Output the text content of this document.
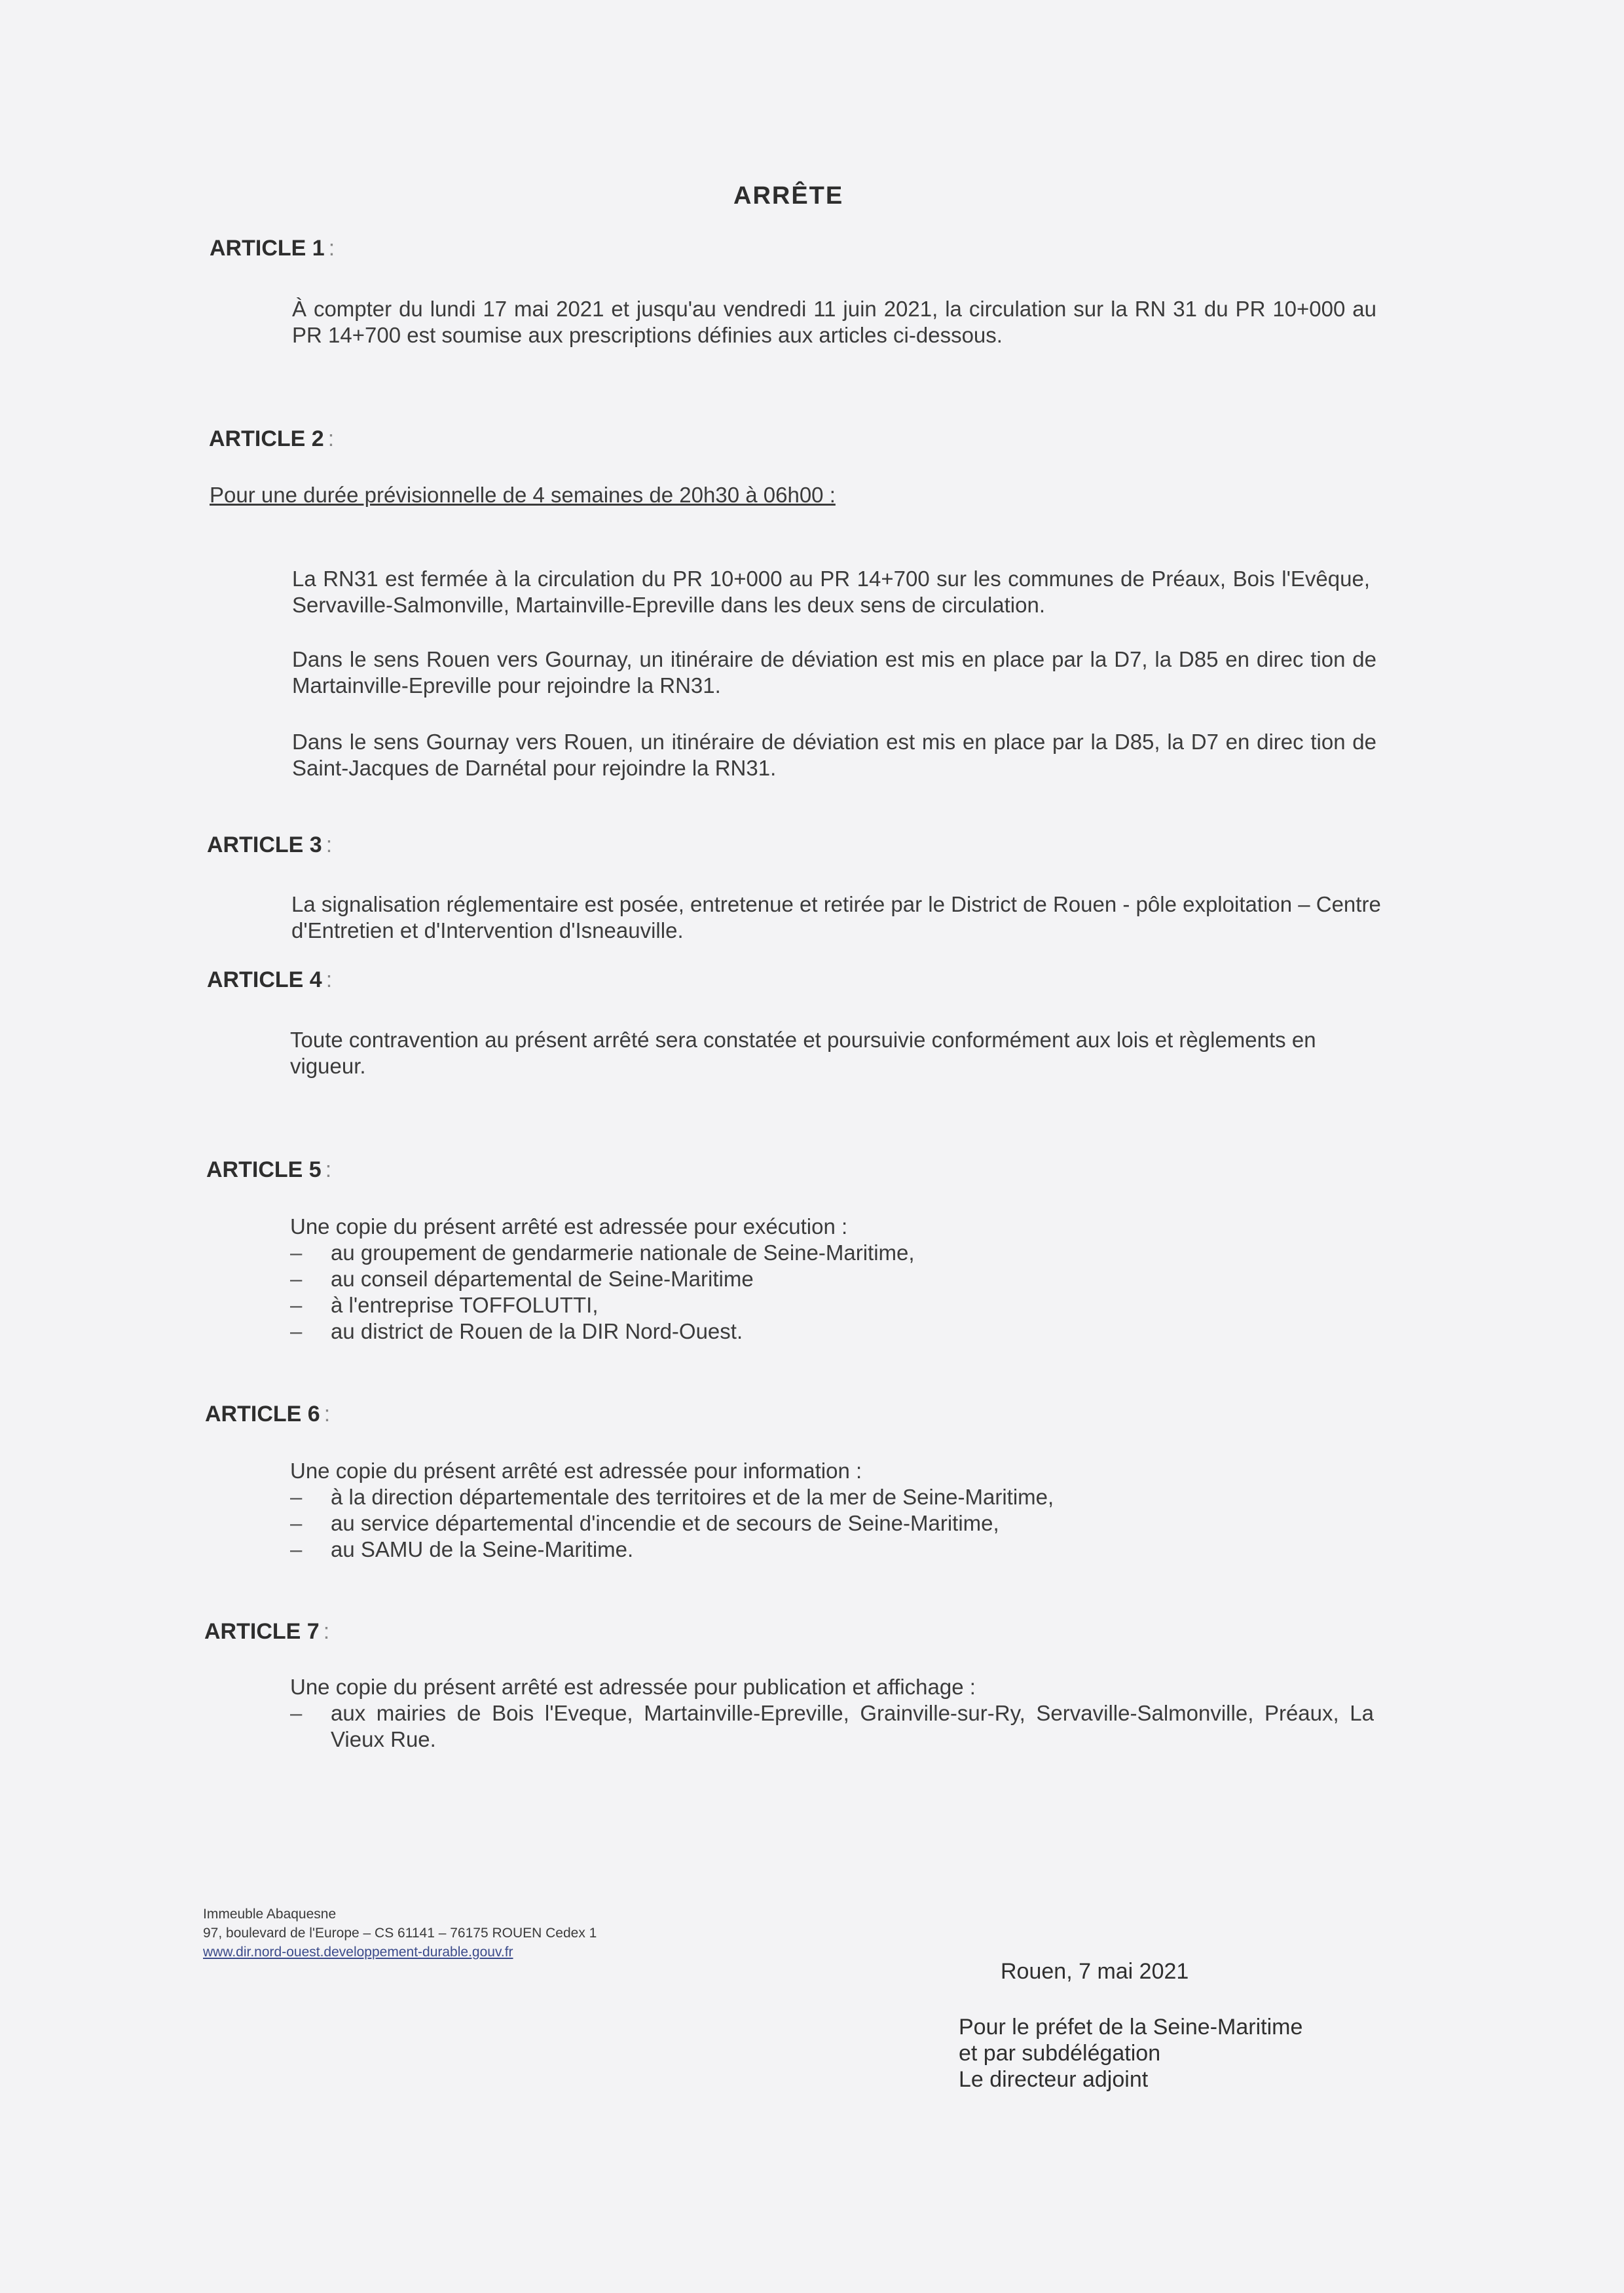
ARRÊTE
ARTICLE 1 :
À compter du lundi 17 mai 2021 et jusqu'au vendredi 11 juin 2021, la circulation sur la RN 31 du PR 10+000 au PR 14+700 est soumise aux prescriptions définies aux articles ci-dessous.
ARTICLE 2 :
Pour une durée prévisionnelle de 4 semaines de 20h30 à 06h00 :
La RN31 est fermée à la circulation du PR 10+000 au PR 14+700 sur les communes de Préaux, Bois l'Evêque, Servaville-Salmonville, Martainville-Epreville dans les deux sens de circulation.
Dans le sens Rouen vers Gournay, un itinéraire de déviation est mis en place par la D7, la D85 en direc tion de Martainville-Epreville pour rejoindre la RN31.
Dans le sens Gournay vers Rouen, un itinéraire de déviation est mis en place par la D85, la D7 en direc tion de Saint-Jacques de Darnétal pour rejoindre la RN31.
ARTICLE 3 :
La signalisation réglementaire est posée, entretenue et retirée par le District de Rouen - pôle exploitation – Centre d'Entretien et d'Intervention d'Isneauville.
ARTICLE 4 :
Toute contravention au présent arrêté sera constatée et poursuivie conformément aux lois et règlements en vigueur.
ARTICLE 5 :
Une copie du présent arrêté est adressée pour exécution :
– au groupement de gendarmerie nationale de Seine-Maritime,
– au conseil départemental de Seine-Maritime
– à l'entreprise TOFFOLUTTI,
– au district de Rouen de la DIR Nord-Ouest.
ARTICLE 6 :
Une copie du présent arrêté est adressée pour information :
– à la direction départementale des territoires et de la mer de Seine-Maritime,
– au service départemental d'incendie et de secours de Seine-Maritime,
– au SAMU de la Seine-Maritime.
ARTICLE 7 :
Une copie du présent arrêté est adressée pour publication et affichage :
– aux mairies de Bois l'Eveque, Martainville-Epreville, Grainville-sur-Ry, Servaville-Salmonville, Préaux, La Vieux Rue.
Immeuble Abaquesne
97, boulevard de l'Europe – CS 61141 – 76175 ROUEN Cedex 1
www.dir.nord-ouest.developpement-durable.gouv.fr
Rouen, 7 mai 2021
Pour le préfet de la Seine-Maritime
et par subdélégation
Le directeur adjoint
